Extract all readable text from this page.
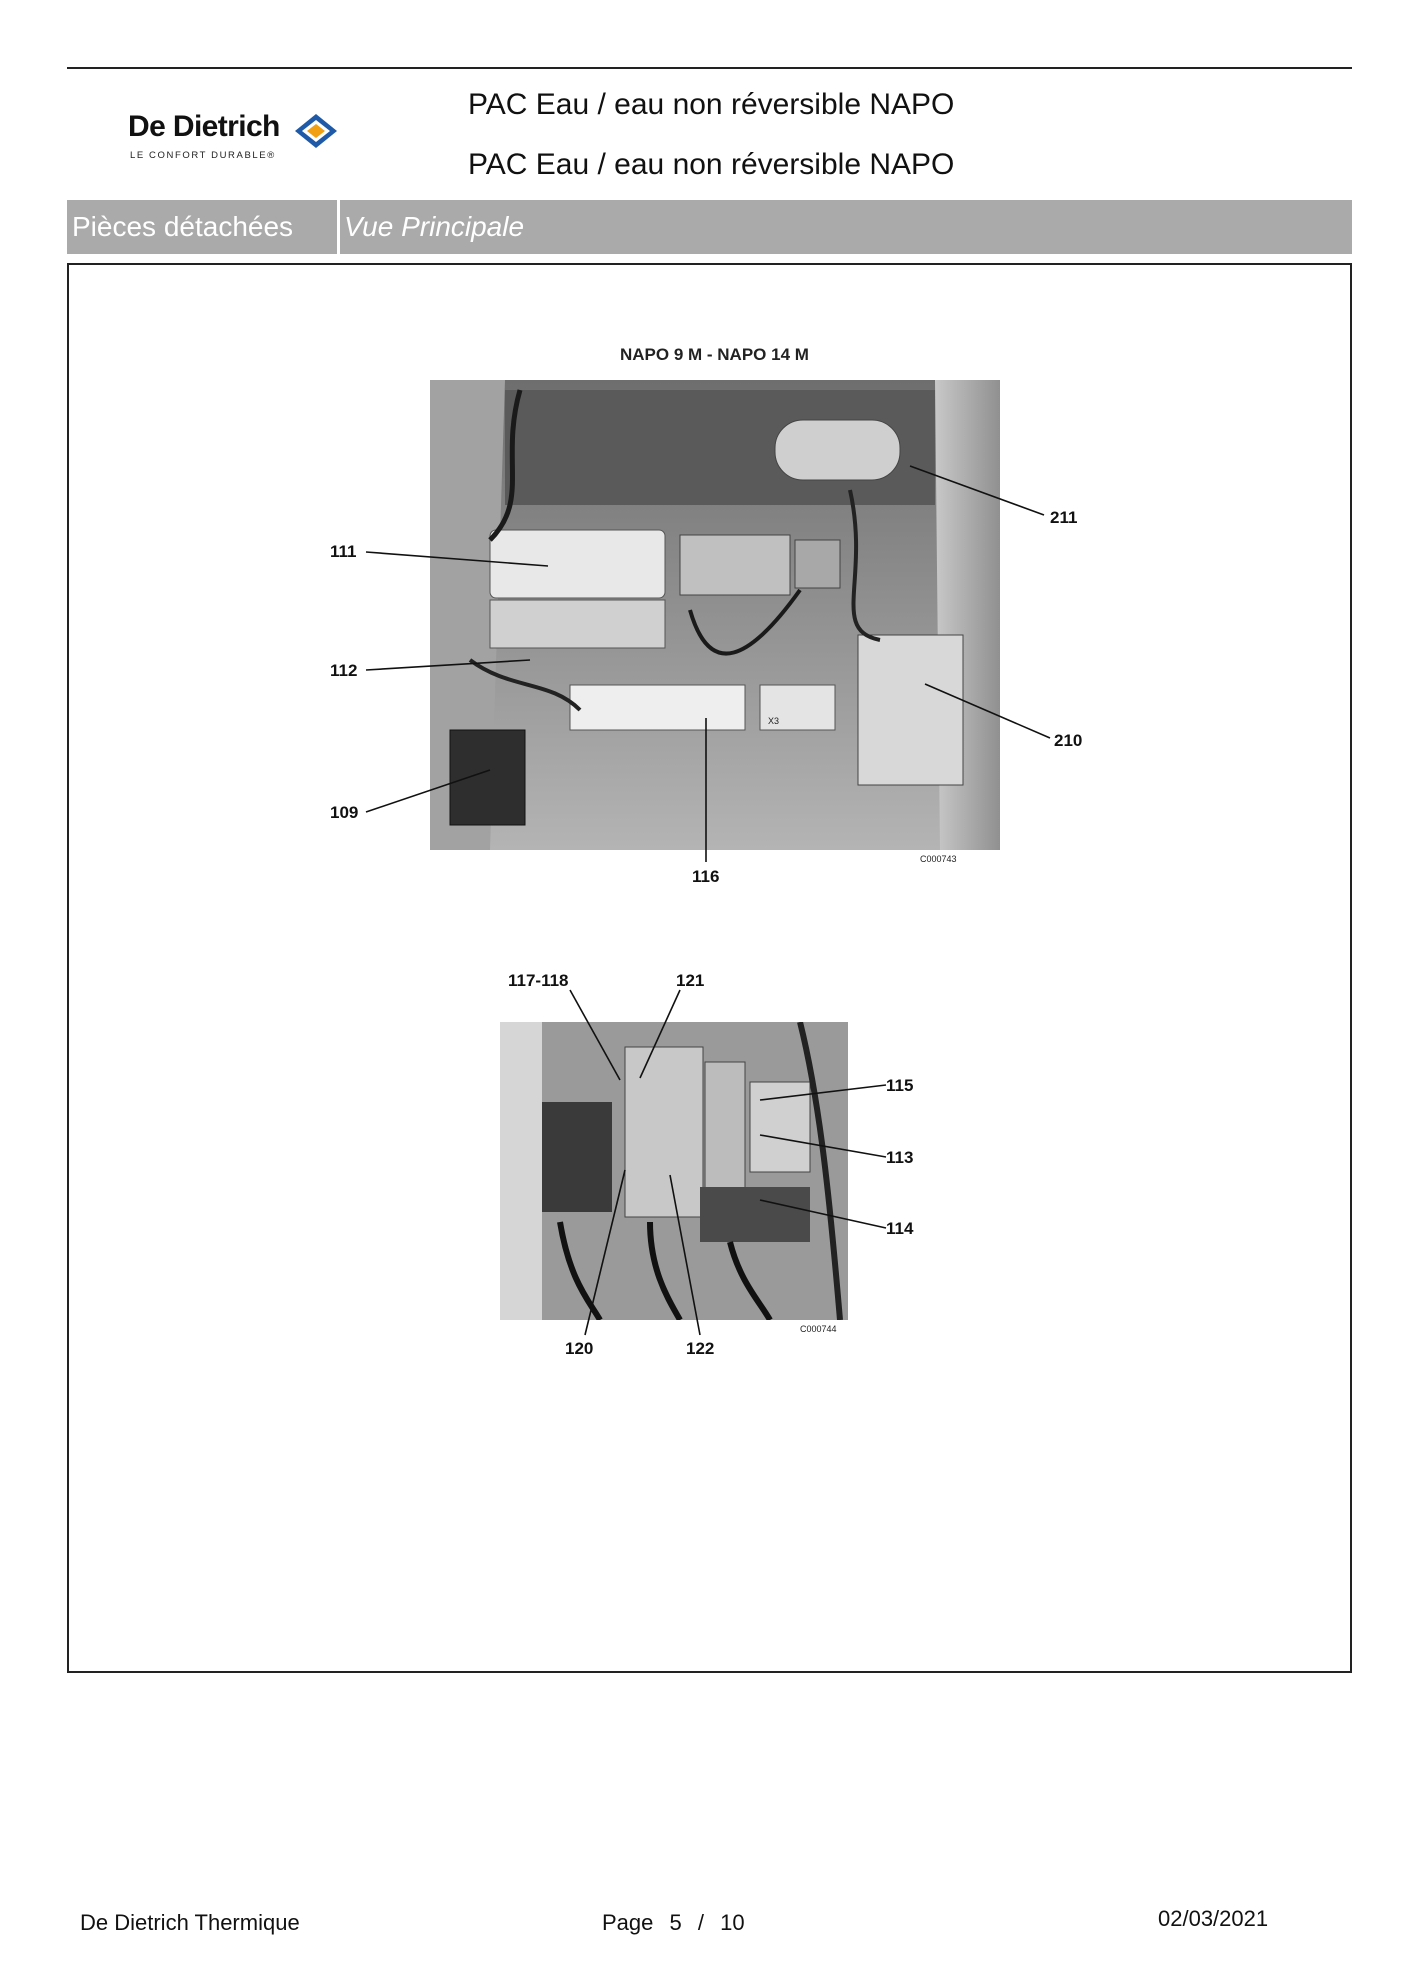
De Dietrich
LE CONFORT DURABLE®
PAC Eau / eau non réversible NAPO
PAC Eau / eau non réversible NAPO
Pièces détachées	Vue Principale
NAPO 9 M - NAPO 14 M
111
112
109
116
211
210
C000743
X3
117-118	121
115
113
114
120	122
C000744
De Dietrich Thermique	Page 5 / 10	02/03/2021
